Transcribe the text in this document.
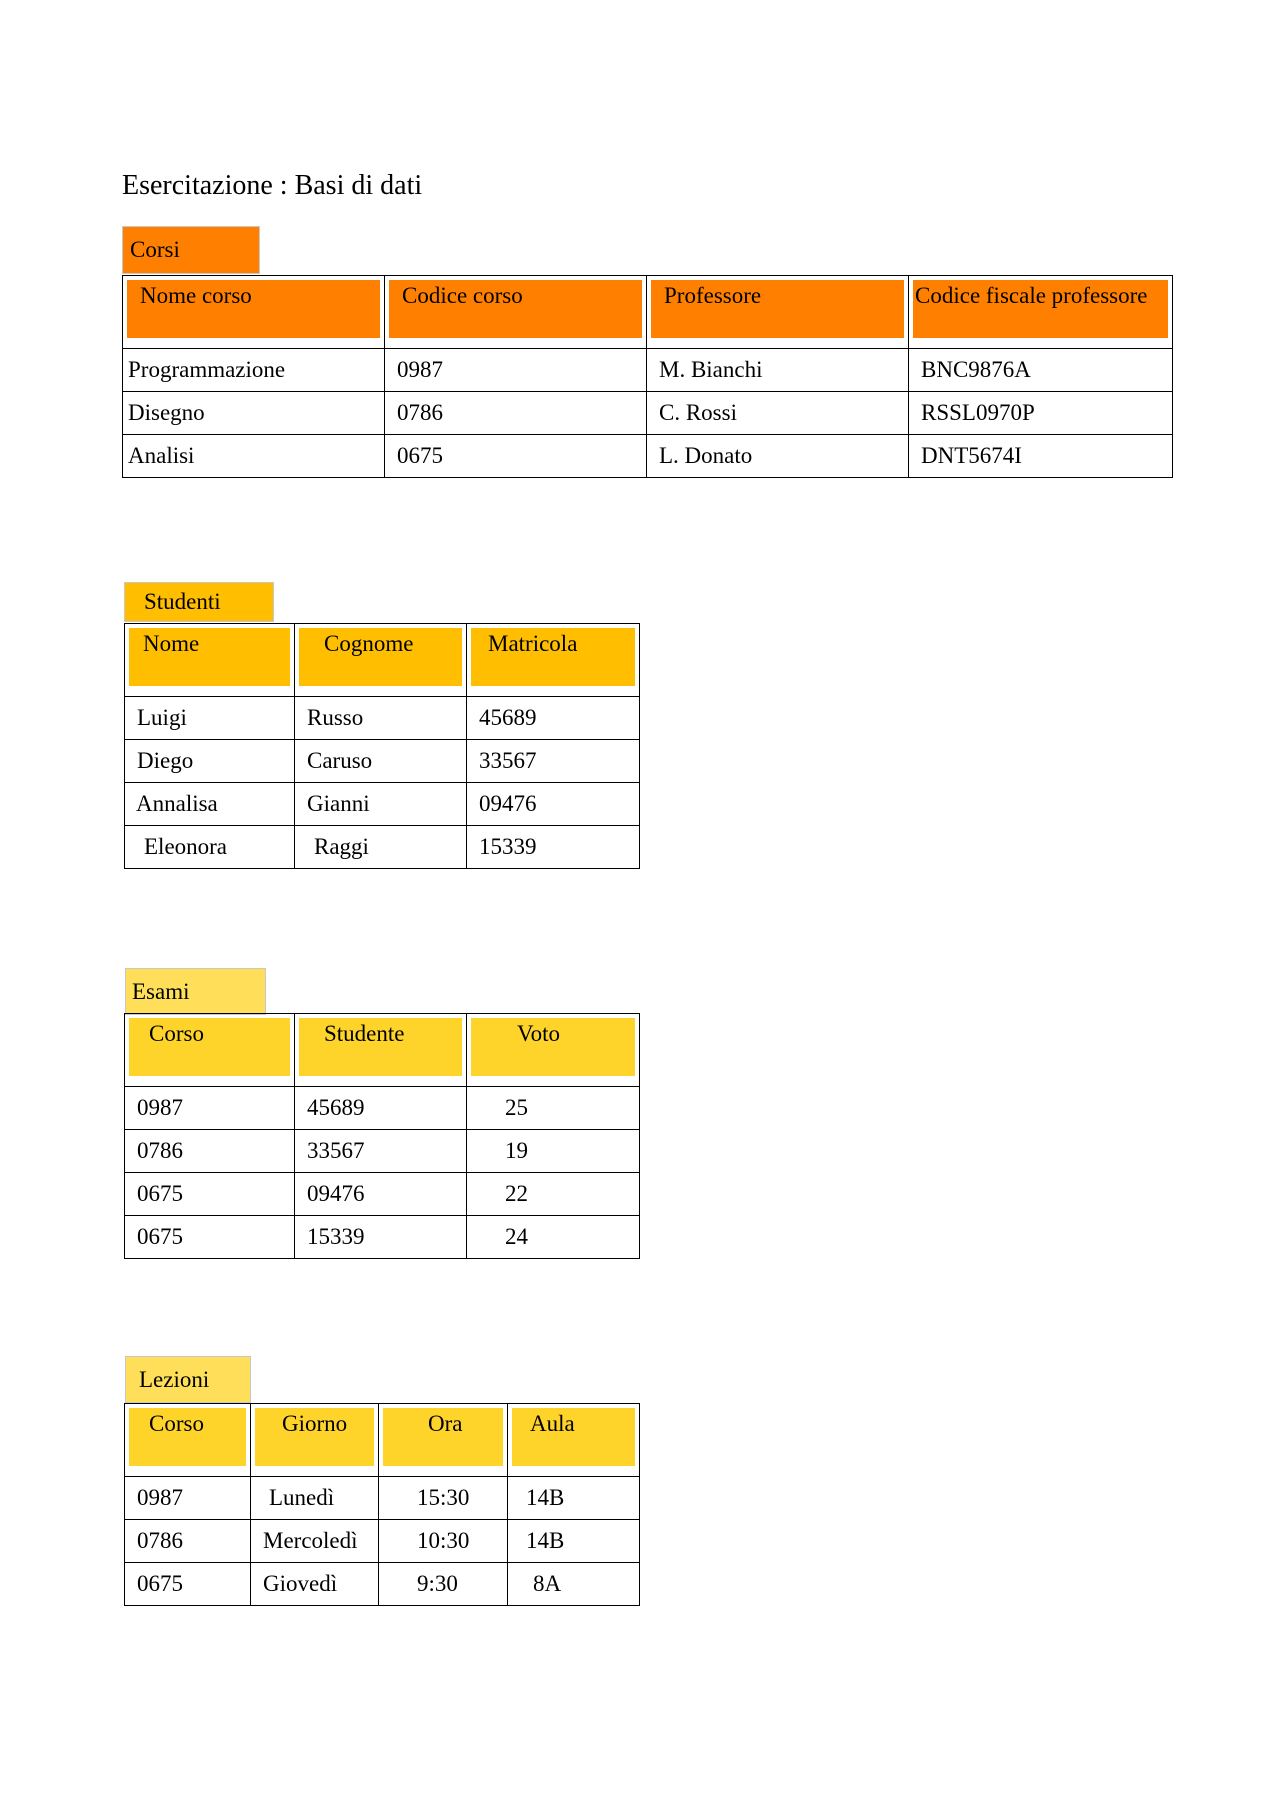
Esercitazione : Basi di dati
Corsi
Nome corso	Codice corso	Professore	Codice fiscale professore

Programmazione	0987	M. Bianchi	BNC9876A
Disegno	0786	C. Rossi	RSSL0970P
Analisi	0675	L. Donato	DNT5674I
Studenti
Nome	Cognome	Matricola

Luigi	Russo	45689
Diego	Caruso	33567
Annalisa	Gianni	09476
Eleonora	Raggi	15339
Esami
Corso	Studente	Voto

0987	45689	25
0786	33567	19
0675	09476	22
0675	15339	24
Lezioni
Corso	Giorno	Ora	Aula

0987	Lunedì	15:30	14B
0786	Mercoledì	10:30	14B
0675	Giovedì	9:30	8A
